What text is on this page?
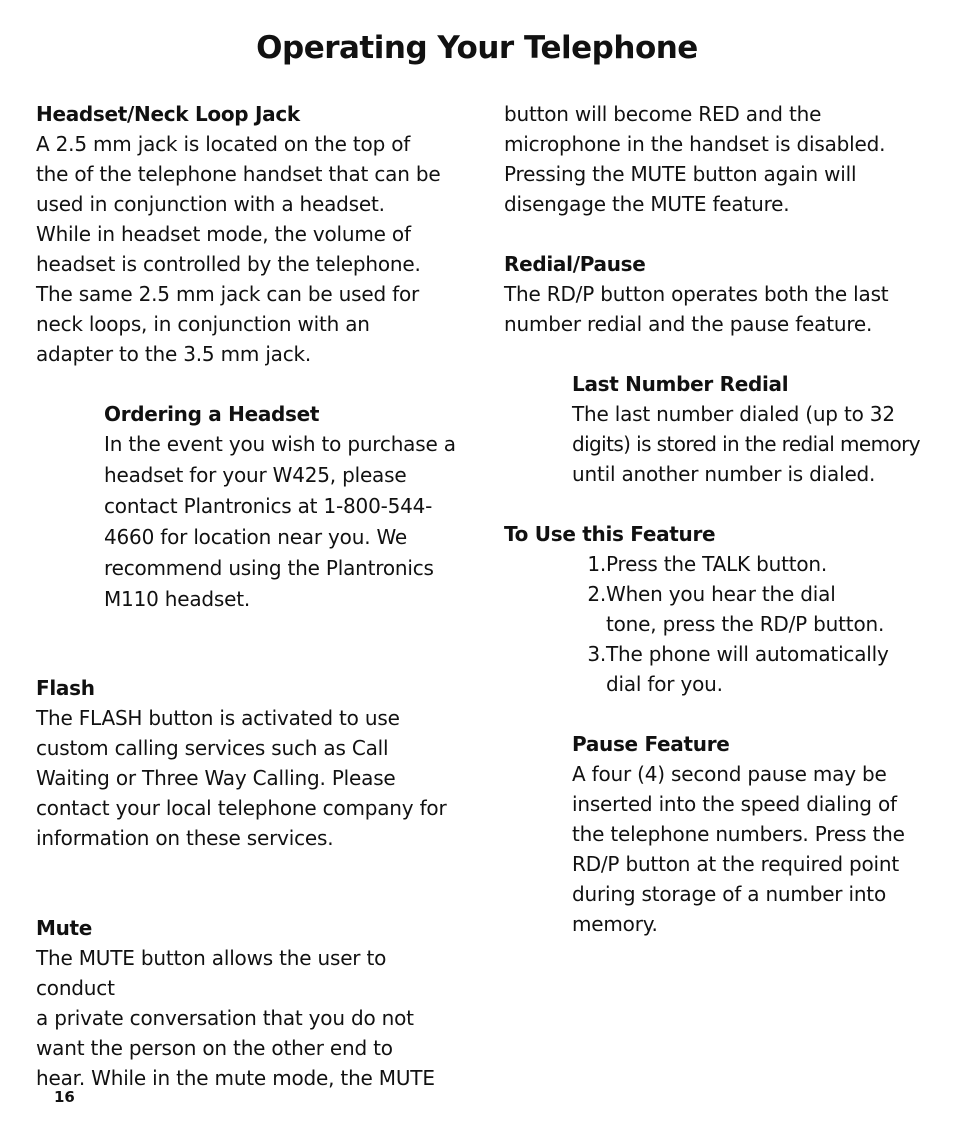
Operating Your Telephone

Headset/Neck Loop Jack

A 2.5 mm jack is located on the top of
the of the telephone handset that can be
used in conjunction with a headset.
While in headset mode, the volume of
headset is controlled by the telephone.
The same 2.5 mm jack can be used for
neck loops, in conjunction with an
adapter to the 3.5 mm jack.

Ordering a Headset

In the event you wish to purchase a
headset for your W425, please
contact Plantronics at 1-800-544-
4660 for location near you. We
recommend using the Plantronics
M110 headset.

Flash

The FLASH button is activated to use
custom calling services such as Call
Waiting or Three Way Calling. Please
contact your local telephone company for
information on these services.

Mute

The MUTE button allows the user to conduct
a private conversation that you do not
want the person on the other end to
hear. While in the mute mode, the MUTE
button will become RED and the
microphone in the handset is disabled.
Pressing the MUTE button again will
disengage the MUTE feature.

Redial/Pause

The RD/P button operates both the last
number redial and the pause feature.

Last Number Redial

The last number dialed (up to 32
digits) is stored in the redial memory
until another number is dialed.

To Use this Feature

1. Press the TALK button.
2. When you hear the dial
tone, press the RD/P button.
3. The phone will automatically
dial for you.

Pause Feature

A four (4) second pause may be
inserted into the speed dialing of
the telephone numbers. Press the
RD/P button at the required point
during storage of a number into
memory.

16
